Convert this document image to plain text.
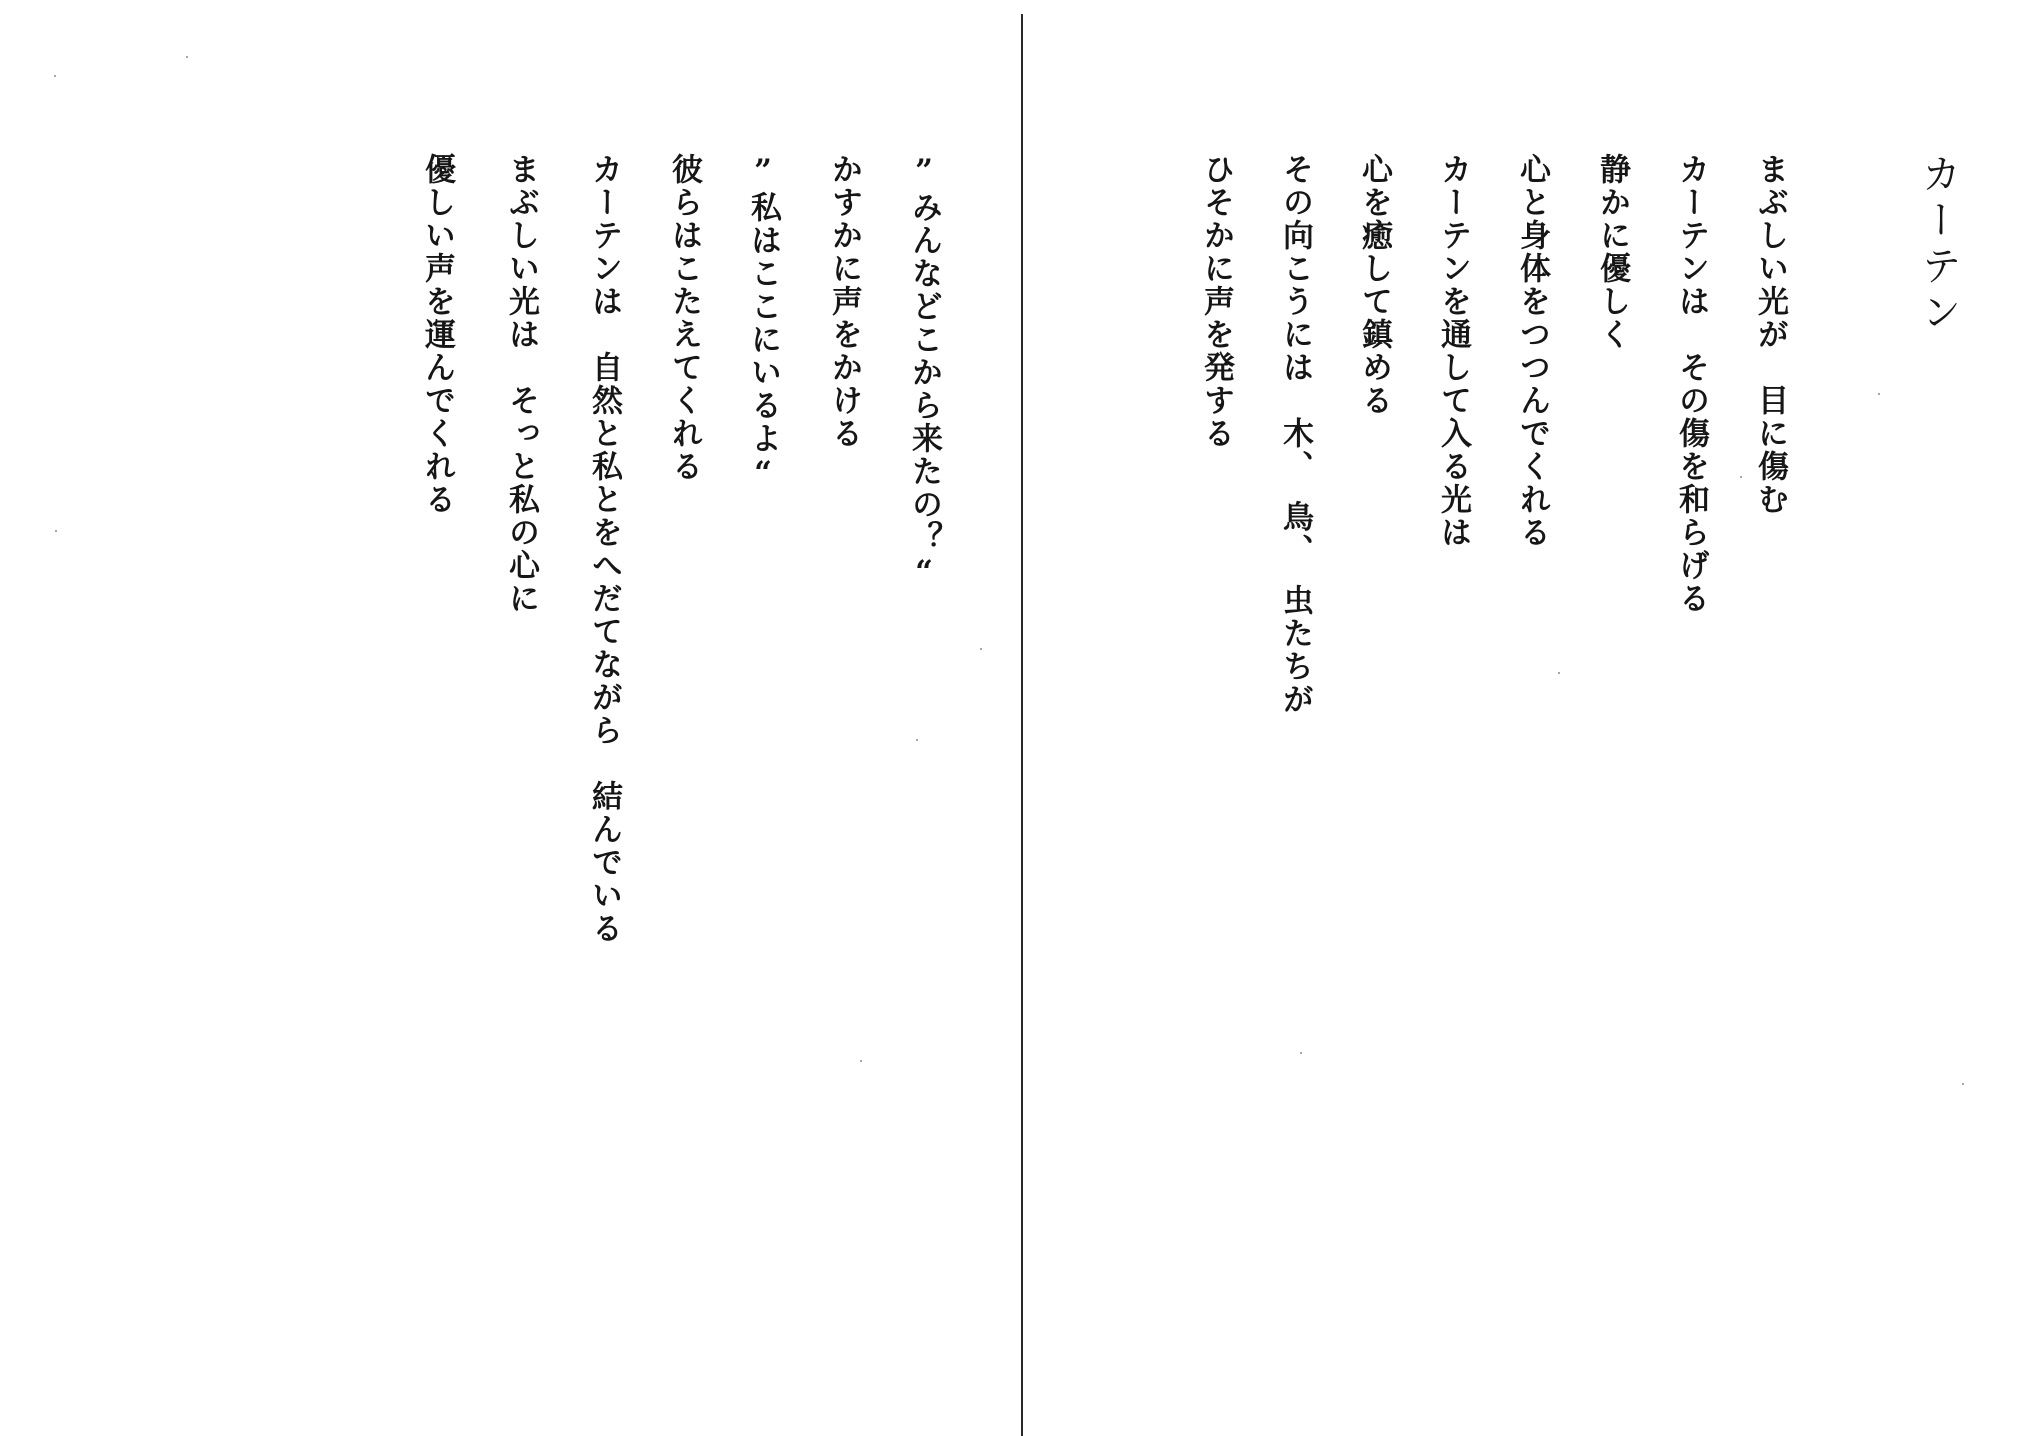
カーテン
まぶしい光が　目に傷む
カーテンは　その傷を和らげる
静かに優しく
心と身体をつつんでくれる
カーテンを通して入る光は
心を癒して鎮める
その向こうには　木、　鳥、　虫たちが
ひそかに声を発する
”みんなどこから来たの？“
かすかに声をかける
”私はここにいるよ“
彼らはこたえてくれる
カーテンは　自然と私とをへだてながら　結んでいる
まぶしい光は　そっと私の心に
優しい声を運んでくれる
